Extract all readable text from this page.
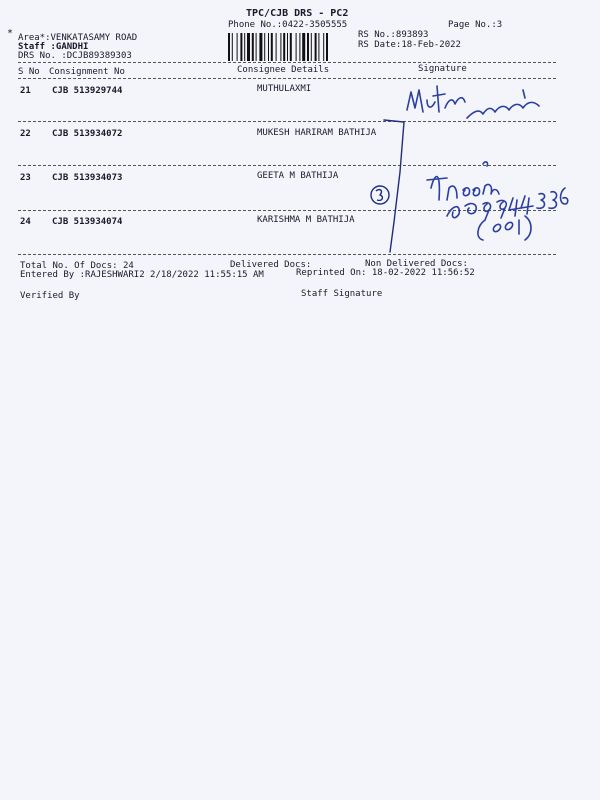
TPC/CJB DRS - PC2
Phone No.:0422-3505555	Page No.:3
* Area*:VENKATASAMY ROAD
Staff :GANDHI
DRS No. :DCJB89389303
RS No.:893893
RS Date:18-Feb-2022
S No Consignment No	Consignee Details	Signature
21 CJB 513929744	MUTHULAXMI
22 CJB 513934072	MUKESH HARIRAM BATHIJA
23 CJB 513934073	GEETA M BATHIJA
24 CJB 513934074	KARISHMA M BATHIJA
Total No. Of Docs: 24	Delivered Docs:	Non Delivered Docs:
Entered By :RAJESHWARI2 2/18/2022 11:55:15 AM	Reprinted On: 18-02-2022 11:56:52
Verified By	Staff Signature
